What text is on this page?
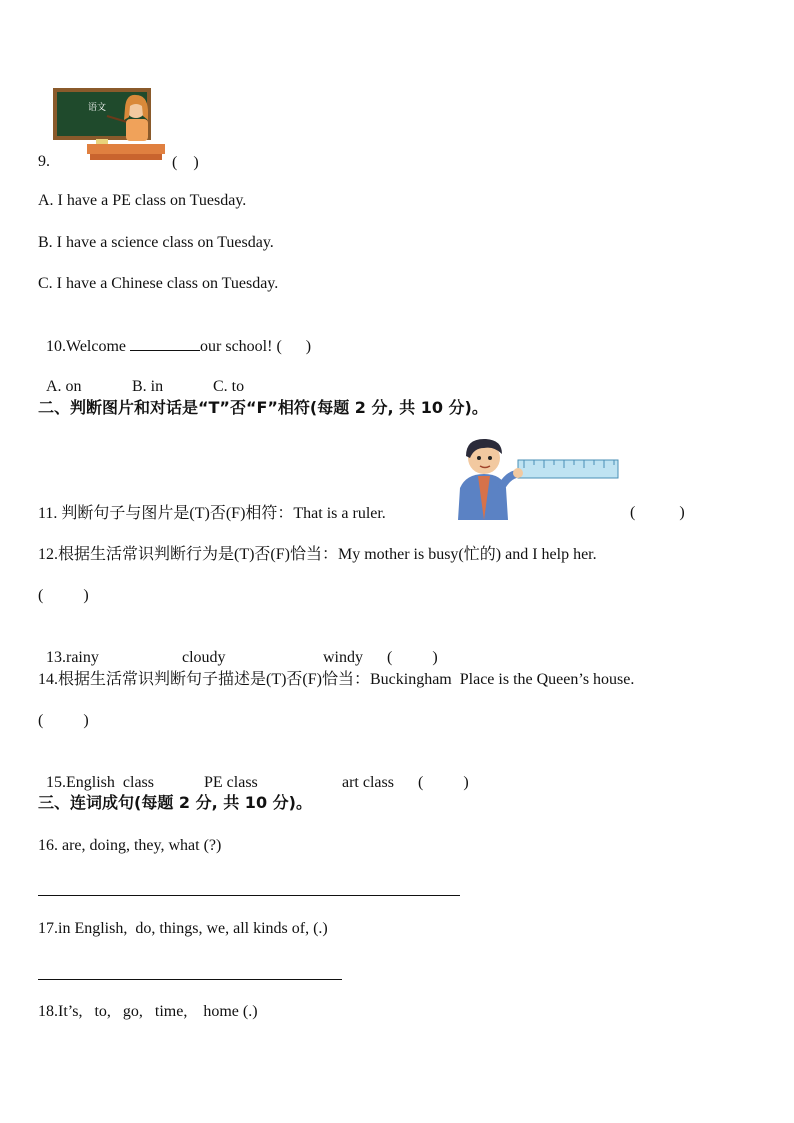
语文
9.	(    )
A. I have a PE class on Tuesday.
B. I have a science class on Tuesday.
C. I have a Chinese class on Tuesday.

10.Welcome	our school! (      )

A. on	B. in	C. to

二、判断图片和对话是“T”否“F”相符(每题 2 分, 共 10 分)。
11. 判断句子与图片是(T)否(F)相符：That is a ruler.	(           )
12.根据生活常识判断行为是(T)否(F)恰当：My mother is busy(忙的) and I help her.
(          )

13.rainy	cloudy	windy (          )

14.根据生活常识判断句子描述是(T)否(F)恰当：Buckingham  Place is the Queen’s house.
(          )

15.English  class	PE class	art class (          )

三、连词成句(每题 2 分, 共 10 分)。
16. are, doing, they, what (?)
17.in English,  do, things, we, all kinds of, (.)
18.It’s,   to,   go,   time,    home (.)
